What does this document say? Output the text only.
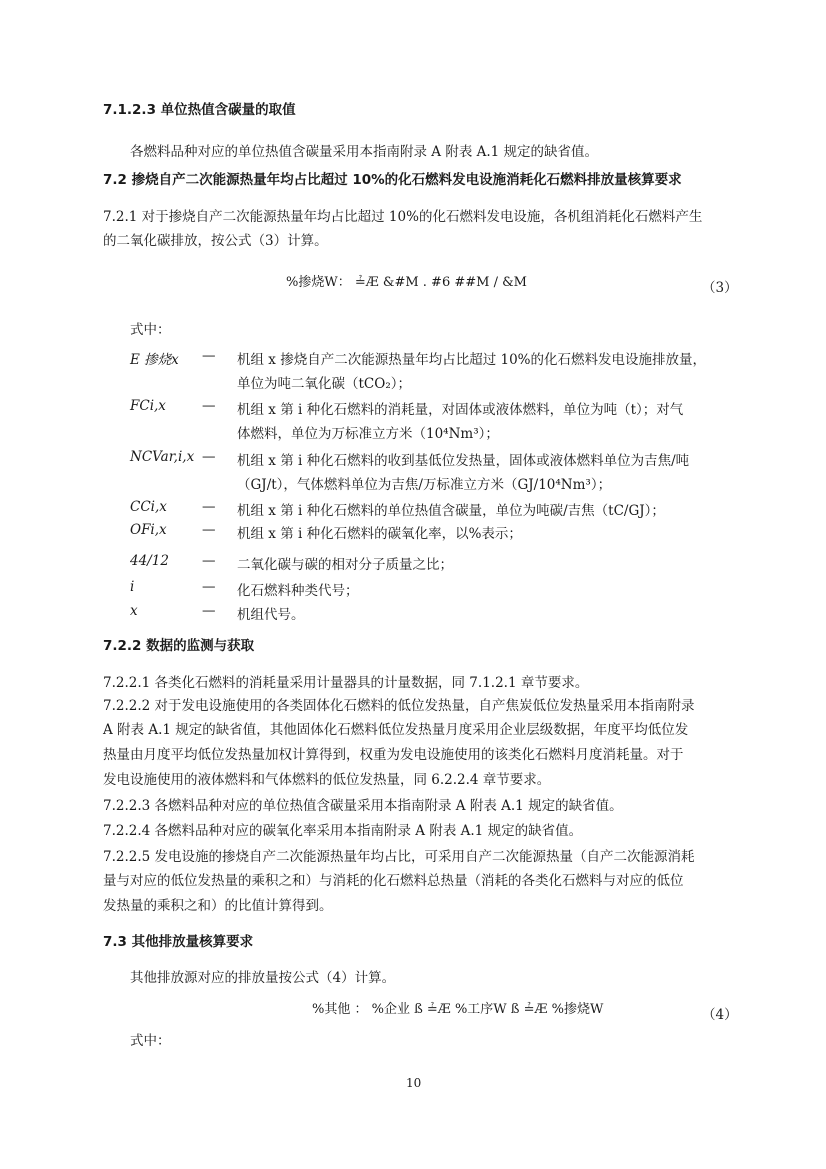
7.1.2.3 单位热值含碳量的取值
各燃料品种对应的单位热值含碳量采用本指南附录 A 附表 A.1 规定的缺省值。
7.2 掺烧自产二次能源热量年均占比超过 10%的化石燃料发电设施消耗化石燃料排放量核算要求
7.2.1 对于掺烧自产二次能源热量年均占比超过 10%的化石燃料发电设施，各机组消耗化石燃料产生
的二氧化碳排放，按公式（3）计算。
%掺烧W： ≟Æ &#M . #6 ##M / &M	（3）
式中：
E 掺烧x — 机组 x 掺烧自产二次能源热量年均占比超过 10%的化石燃料发电设施排放量，
单位为吨二氧化碳（tCO₂）；
FCi,x	— 机组 x 第 i 种化石燃料的消耗量，对固体或液体燃料，单位为吨（t）；对气
体燃料，单位为万标准立方米（10⁴Nm³）；
NCVar,i,x — 机组 x 第 i 种化石燃料的收到基低位发热量，固体或液体燃料单位为吉焦/吨
（GJ/t），气体燃料单位为吉焦/万标准立方米（GJ/10⁴Nm³）；
CCi,x	— 机组 x 第 i 种化石燃料的单位热值含碳量，单位为吨碳/吉焦（tC/GJ）；
OFi,x	— 机组 x 第 i 种化石燃料的碳氧化率，以%表示；
44/12 — 二氧化碳与碳的相对分子质量之比；
i	— 化石燃料种类代号；
x	— 机组代号。
7.2.2 数据的监测与获取
7.2.2.1 各类化石燃料的消耗量采用计量器具的计量数据，同 7.1.2.1 章节要求。
7.2.2.2 对于发电设施使用的各类固体化石燃料的低位发热量，自产焦炭低位发热量采用本指南附录
A 附表 A.1 规定的缺省值，其他固体化石燃料低位发热量月度采用企业层级数据，年度平均低位发
热量由月度平均低位发热量加权计算得到，权重为发电设施使用的该类化石燃料月度消耗量。对于
发电设施使用的液体燃料和气体燃料的低位发热量，同 6.2.2.4 章节要求。
7.2.2.3 各燃料品种对应的单位热值含碳量采用本指南附录 A 附表 A.1 规定的缺省值。
7.2.2.4 各燃料品种对应的碳氧化率采用本指南附录 A 附表 A.1 规定的缺省值。
7.2.2.5 发电设施的掺烧自产二次能源热量年均占比，可采用自产二次能源热量（自产二次能源消耗
量与对应的低位发热量的乘积之和）与消耗的化石燃料总热量（消耗的各类化石燃料与对应的低位
发热量的乘积之和）的比值计算得到。
7.3 其他排放量核算要求
其他排放源对应的排放量按公式（4）计算。
%其他 ： %企业 ß ≟Æ %工序W ß ≟Æ %掺烧W	（4）
式中：
10
